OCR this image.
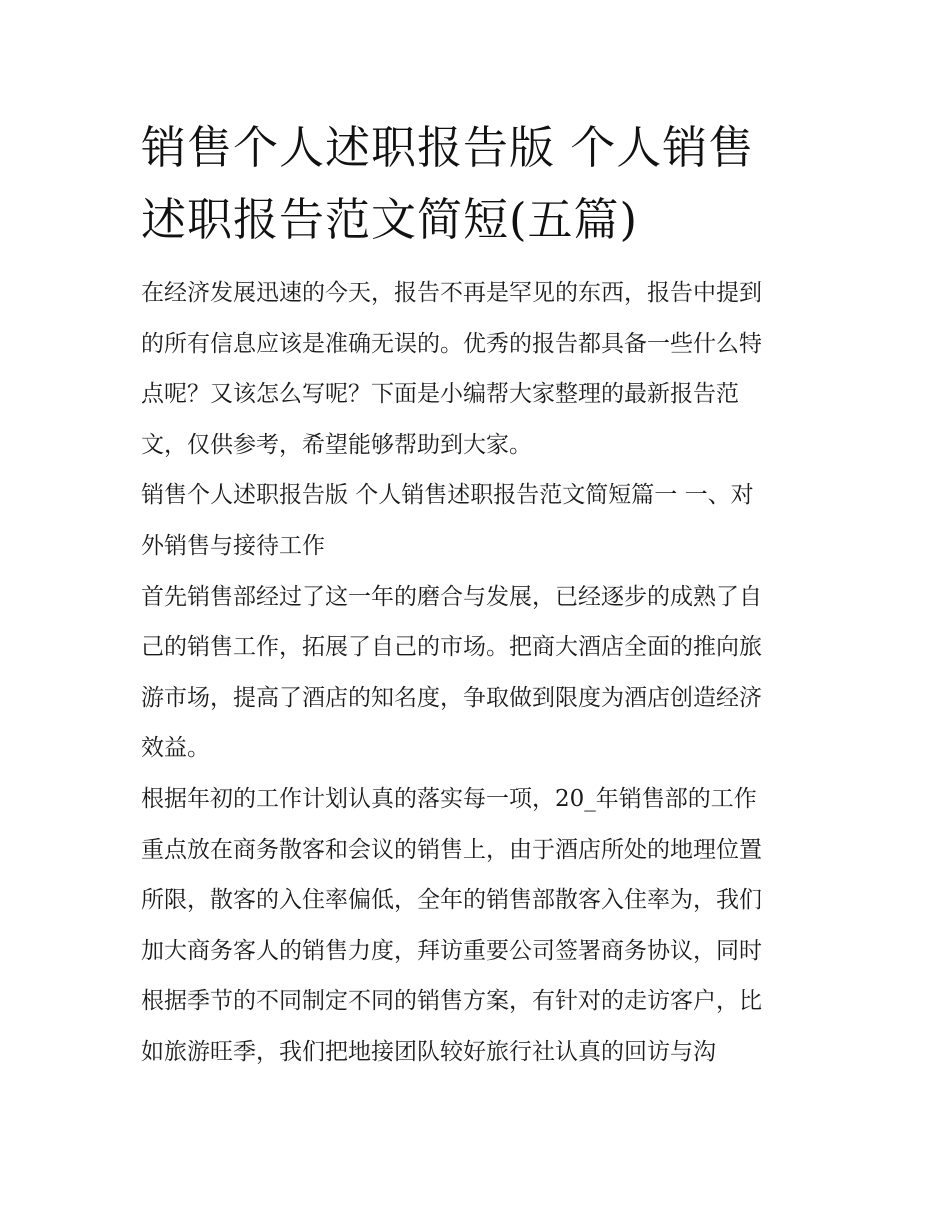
销售个人述职报告版 个人销售
述职报告范文简短(五篇)
在经济发展迅速的今天，报告不再是罕见的东西，报告中提到
的所有信息应该是准确无误的。优秀的报告都具备一些什么特
点呢？又该怎么写呢？下面是小编帮大家整理的最新报告范
文，仅供参考，希望能够帮助到大家。
销售个人述职报告版 个人销售述职报告范文简短篇一 一、对
外销售与接待工作
首先销售部经过了这一年的磨合与发展，已经逐步的成熟了自
己的销售工作，拓展了自己的市场。把商大酒店全面的推向旅
游市场，提高了酒店的知名度，争取做到限度为酒店创造经济
效益。
根据年初的工作计划认真的落实每一项，20_年销售部的工作
重点放在商务散客和会议的销售上，由于酒店所处的地理位置
所限，散客的入住率偏低，全年的销售部散客入住率为，我们
加大商务客人的销售力度，拜访重要公司签署商务协议，同时
根据季节的不同制定不同的销售方案，有针对的走访客户，比
如旅游旺季，我们把地接团队较好旅行社认真的回访与沟
